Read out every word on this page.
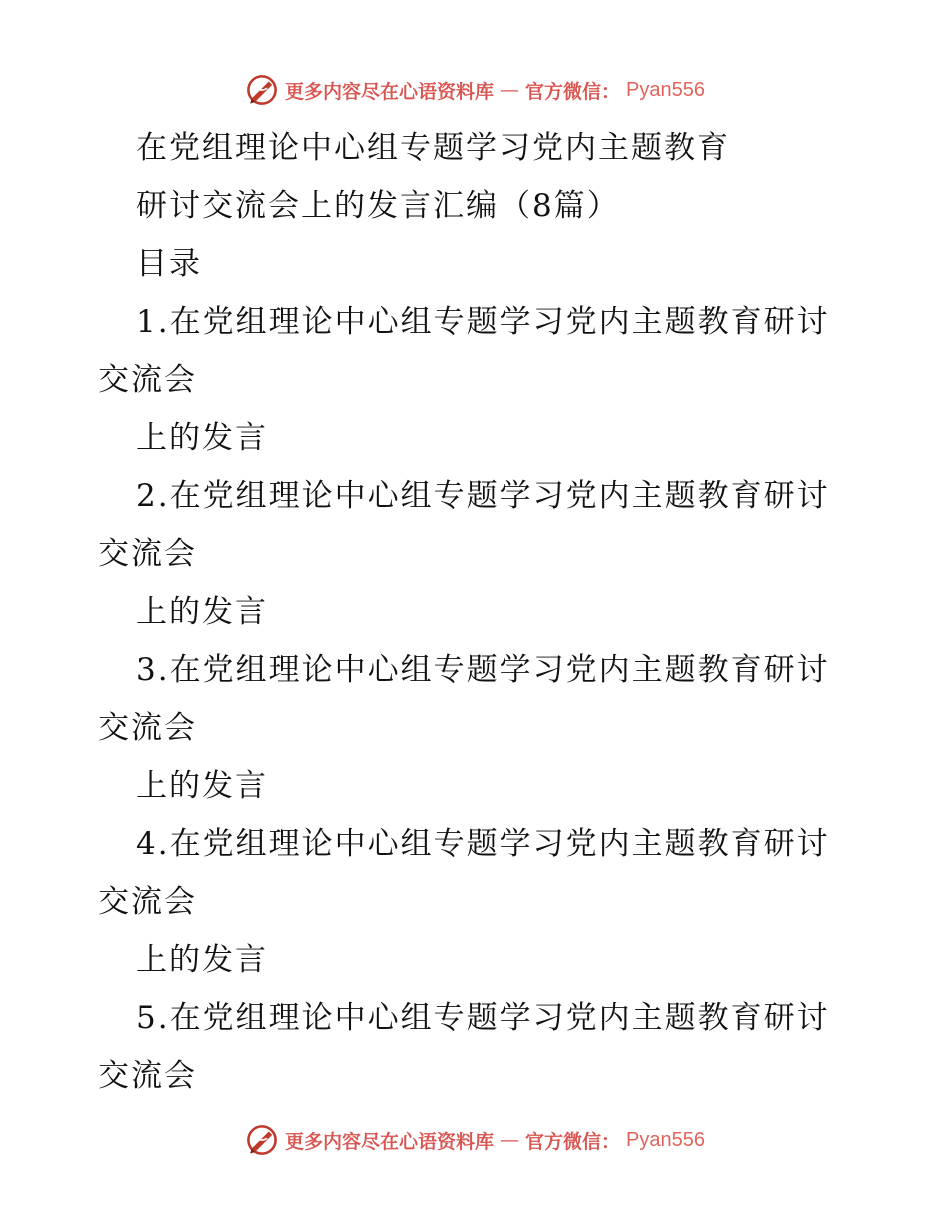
更多内容尽在心语资料库 — 官方微信： Pyan556
在党组理论中心组专题学习党内主题教育
研讨交流会上的发言汇编（8篇）
目录
1.在党组理论中心组专题学习党内主题教育研讨
交流会
上的发言
2.在党组理论中心组专题学习党内主题教育研讨
交流会
上的发言
3.在党组理论中心组专题学习党内主题教育研讨
交流会
上的发言
4.在党组理论中心组专题学习党内主题教育研讨
交流会
上的发言
5.在党组理论中心组专题学习党内主题教育研讨
交流会
更多内容尽在心语资料库 — 官方微信： Pyan556
